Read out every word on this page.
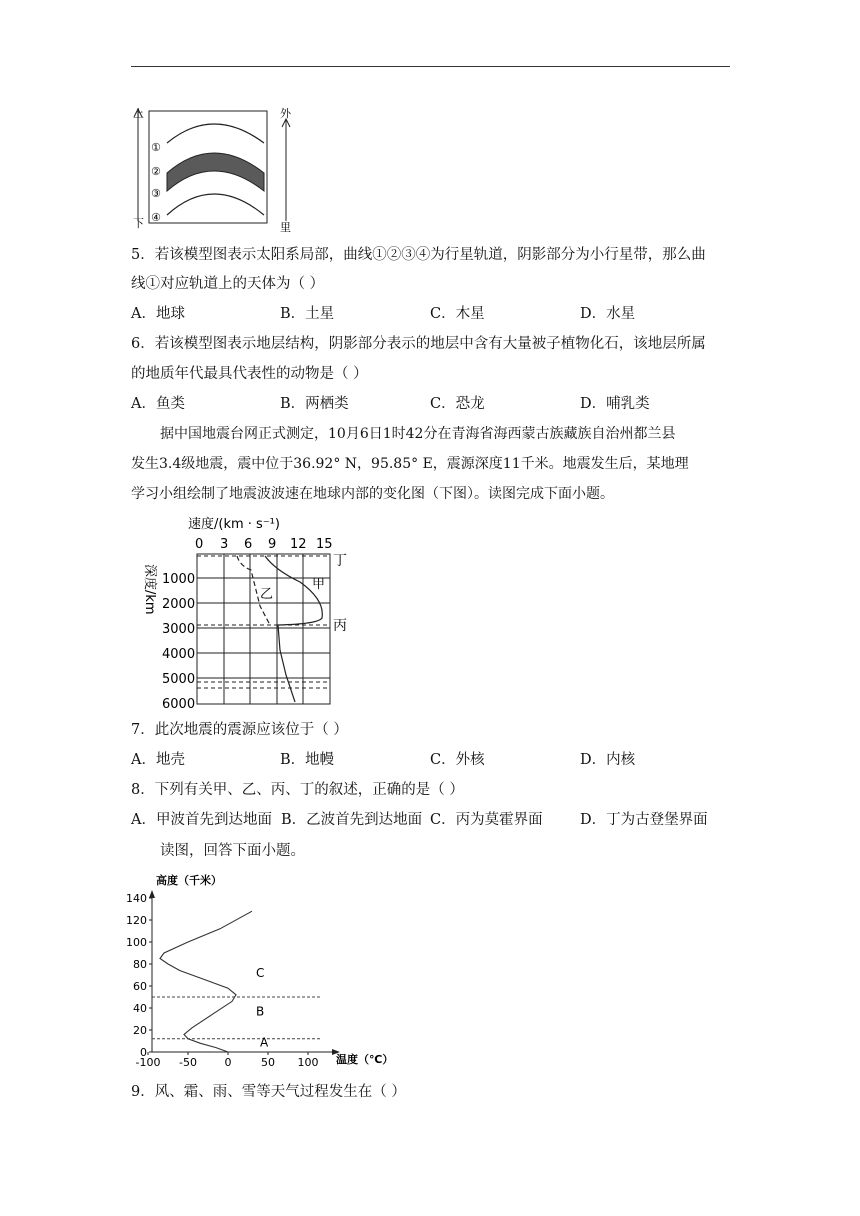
上
下
①
②
③
④
外
里
5．若该模型图表示太阳系局部，曲线①②③④为行星轨道，阴影部分为小行星带，那么曲
线①对应轨道上的天体为（ ）
A．地球	B．土星	C．木星	D．水星
6．若该模型图表示地层结构，阴影部分表示的地层中含有大量被子植物化石，该地层所属
的地质年代最具代表性的动物是（ ）
A．鱼类	B．两栖类	C．恐龙	D．哺乳类
据中国地震台网正式测定，10月6日1时42分在青海省海西蒙古族藏族自治州都兰县
发生3.4级地震，震中位于36.92° N，95.85° E，震源深度11千米。地震发生后，某地理
学习小组绘制了地震波波速在地球内部的变化图（下图）。读图完成下面小题。
速度/(km · s⁻¹)
0 3 6 9 12 15
甲
乙
丙
丁
深度/km 1000
2000
3000
4000
5000
6000
7．此次地震的震源应该位于（ ）
A．地壳	B．地幔	C．外核	D．内核
8．下列有关甲、乙、丙、丁的叙述，正确的是（ ）
A．甲波首先到达地面 B．乙波首先到达地面 C．丙为莫霍界面	D．丁为古登堡界面
读图，回答下面小题。
高度（千米）
温度（℃）
0
20
40
60
80
100
120
140
-100 -50	0	50 100
A
B
C
9．风、霜、雨、雪等天气过程发生在（ ）
